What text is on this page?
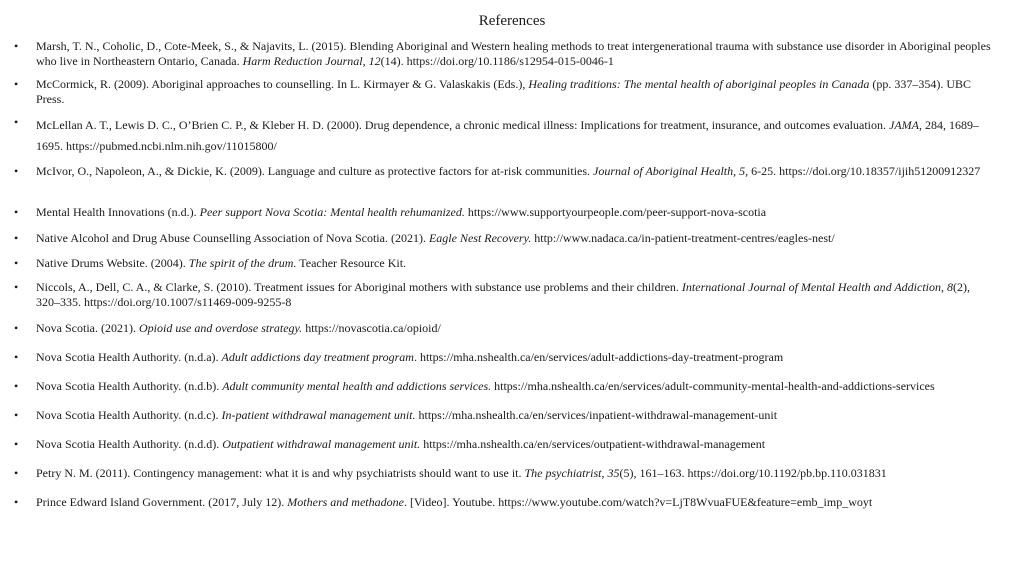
References
• Marsh, T. N., Coholic, D., Cote-Meek, S., & Najavits, L. (2015). Blending Aboriginal and Western healing methods to treat intergenerational trauma with substance use disorder in Aboriginal peoples who live in Northeastern Ontario, Canada. Harm Reduction Journal, 12(14). https://doi.org/10.1186/s12954-015-0046-1
• McCormick, R. (2009). Aboriginal approaches to counselling. In L. Kirmayer & G. Valaskakis (Eds.), Healing traditions: The mental health of aboriginal peoples in Canada (pp. 337–354). UBC Press.
• McLellan A. T., Lewis D. C., O’Brien C. P., & Kleber H. D. (2000). Drug dependence, a chronic medical illness: Implications for treatment, insurance, and outcomes evaluation. JAMA, 284, 1689–1695. https://pubmed.ncbi.nlm.nih.gov/11015800/
• McIvor, O., Napoleon, A., & Dickie, K. (2009). Language and culture as protective factors for at-risk communities. Journal of Aboriginal Health, 5, 6-25. https://doi.org/10.18357/ijih51200912327
• Mental Health Innovations (n.d.). Peer support Nova Scotia: Mental health rehumanized. https://www.supportyourpeople.com/peer-support-nova-scotia
• Native Alcohol and Drug Abuse Counselling Association of Nova Scotia. (2021). Eagle Nest Recovery. http://www.nadaca.ca/in-patient-treatment-centres/eagles-nest/
• Native Drums Website. (2004). The spirit of the drum. Teacher Resource Kit.
• Niccols, A., Dell, C. A., & Clarke, S. (2010). Treatment issues for Aboriginal mothers with substance use problems and their children. International Journal of Mental Health and Addiction, 8(2), 320–335. https://doi.org/10.1007/s11469-009-9255-8
• Nova Scotia. (2021). Opioid use and overdose strategy. https://novascotia.ca/opioid/
• Nova Scotia Health Authority. (n.d.a). Adult addictions day treatment program. https://mha.nshealth.ca/en/services/adult-addictions-day-treatment-program
• Nova Scotia Health Authority. (n.d.b). Adult community mental health and addictions services. https://mha.nshealth.ca/en/services/adult-community-mental-health-and-addictions-services
• Nova Scotia Health Authority. (n.d.c). In-patient withdrawal management unit. https://mha.nshealth.ca/en/services/inpatient-withdrawal-management-unit
• Nova Scotia Health Authority. (n.d.d). Outpatient withdrawal management unit. https://mha.nshealth.ca/en/services/outpatient-withdrawal-management
• Petry N. M. (2011). Contingency management: what it is and why psychiatrists should want to use it. The psychiatrist, 35(5), 161–163. https://doi.org/10.1192/pb.bp.110.031831
• Prince Edward Island Government. (2017, July 12). Mothers and methadone. [Video]. Youtube. https://www.youtube.com/watch?v=LjT8WvuaFUE&feature=emb_imp_woyt
